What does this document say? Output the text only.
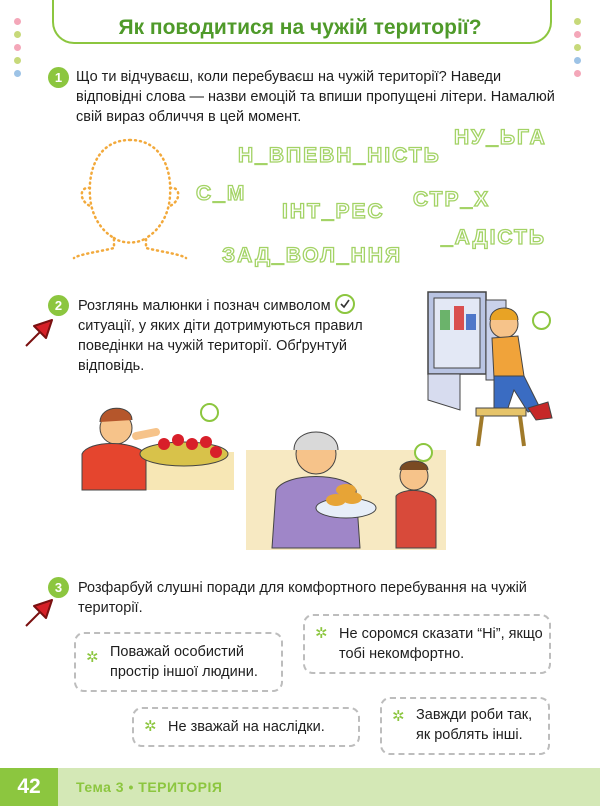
Як поводитися на чужій території?
1 Що ти відчуваєш, коли перебуваєш на чужій території? Наведи відповідні слова — назви емоцій та впиши пропущені літери. Намалюй свій вираз обличчя в цей момент.
Н_ВПЕВН_НІСТЬ
НУ_ЬГА
С_М
ІНТ_РЕС
СТР_Х
_АДІСТЬ
ЗАД_ВОЛ_ННЯ
2	Розглянь малюнки і познач символом
ситуації, у яких діти дотримуються правил поведінки на чужій території. Обґрунтуй відповідь.
3	Розфарбуй слушні поради для комфортного перебування на чужій території.
✲ Поважай особистий простір іншої людини.
✲ Не соромся сказати “Ні”, якщо тобі некомфортно.
✲ Не зважай на наслідки.
✲ Завжди роби так, як роблять інші.
42	Тема 3 • ТЕРИТОРІЯ
